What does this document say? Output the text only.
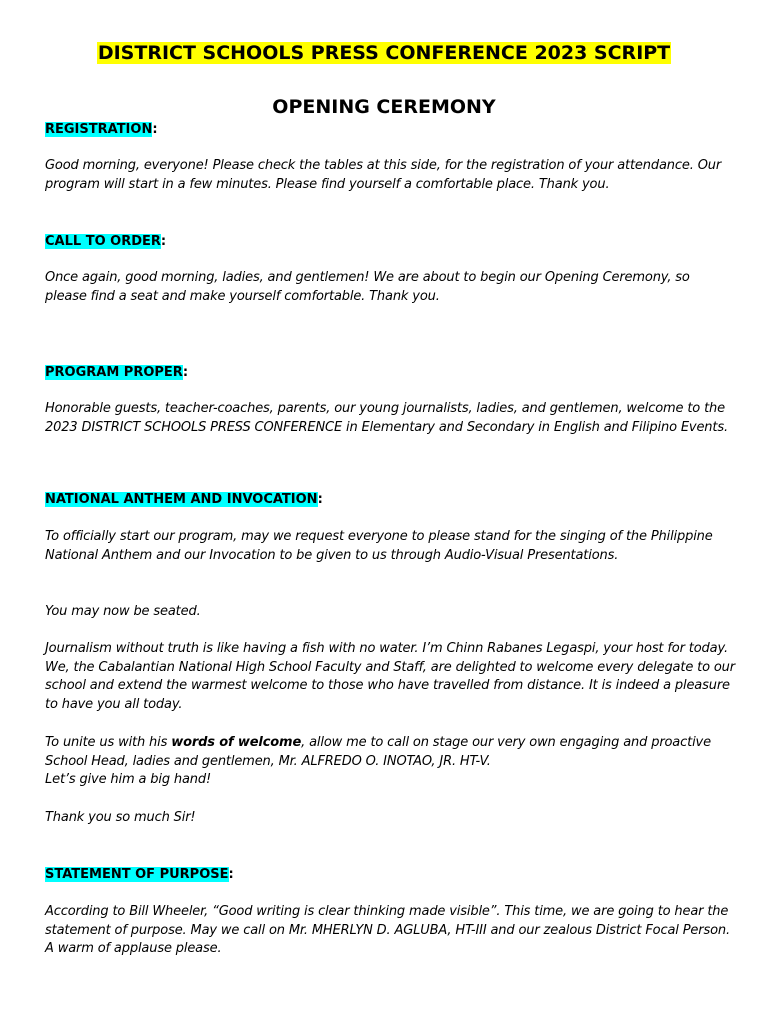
DISTRICT SCHOOLS PRESS CONFERENCE 2023 SCRIPT
OPENING CEREMONY
REGISTRATION:
Good morning, everyone! Please check the tables at this side, for the registration of your attendance. Our program will start in a few minutes. Please find yourself a comfortable place. Thank you.
CALL TO ORDER:
Once again, good morning, ladies, and gentlemen! We are about to begin our Opening Ceremony, so please find a seat and make yourself comfortable. Thank you.
PROGRAM PROPER:
Honorable guests, teacher-coaches, parents, our young journalists, ladies, and gentlemen, welcome to the 2023 DISTRICT SCHOOLS PRESS CONFERENCE in Elementary and Secondary in English and Filipino Events.
NATIONAL ANTHEM AND INVOCATION:
To officially start our program, may we request everyone to please stand for the singing of the Philippine National Anthem and our Invocation to be given to us through Audio-Visual Presentations.
You may now be seated.
Journalism without truth is like having a fish with no water. I’m Chinn Rabanes Legaspi, your host for today. We, the Cabalantian National High School Faculty and Staff, are delighted to welcome every delegate to our school and extend the warmest welcome to those who have travelled from distance. It is indeed a pleasure to have you all today.
To unite us with his words of welcome, allow me to call on stage our very own engaging and proactive School Head, ladies and gentlemen, Mr. ALFREDO O. INOTAO, JR. HT-V.
Let’s give him a big hand!
Thank you so much Sir!
STATEMENT OF PURPOSE:
According to Bill Wheeler, “Good writing is clear thinking made visible”. This time, we are going to hear the statement of purpose. May we call on Mr. MHERLYN D. AGLUBA, HT-III and our zealous District Focal Person. A warm of applause please.
